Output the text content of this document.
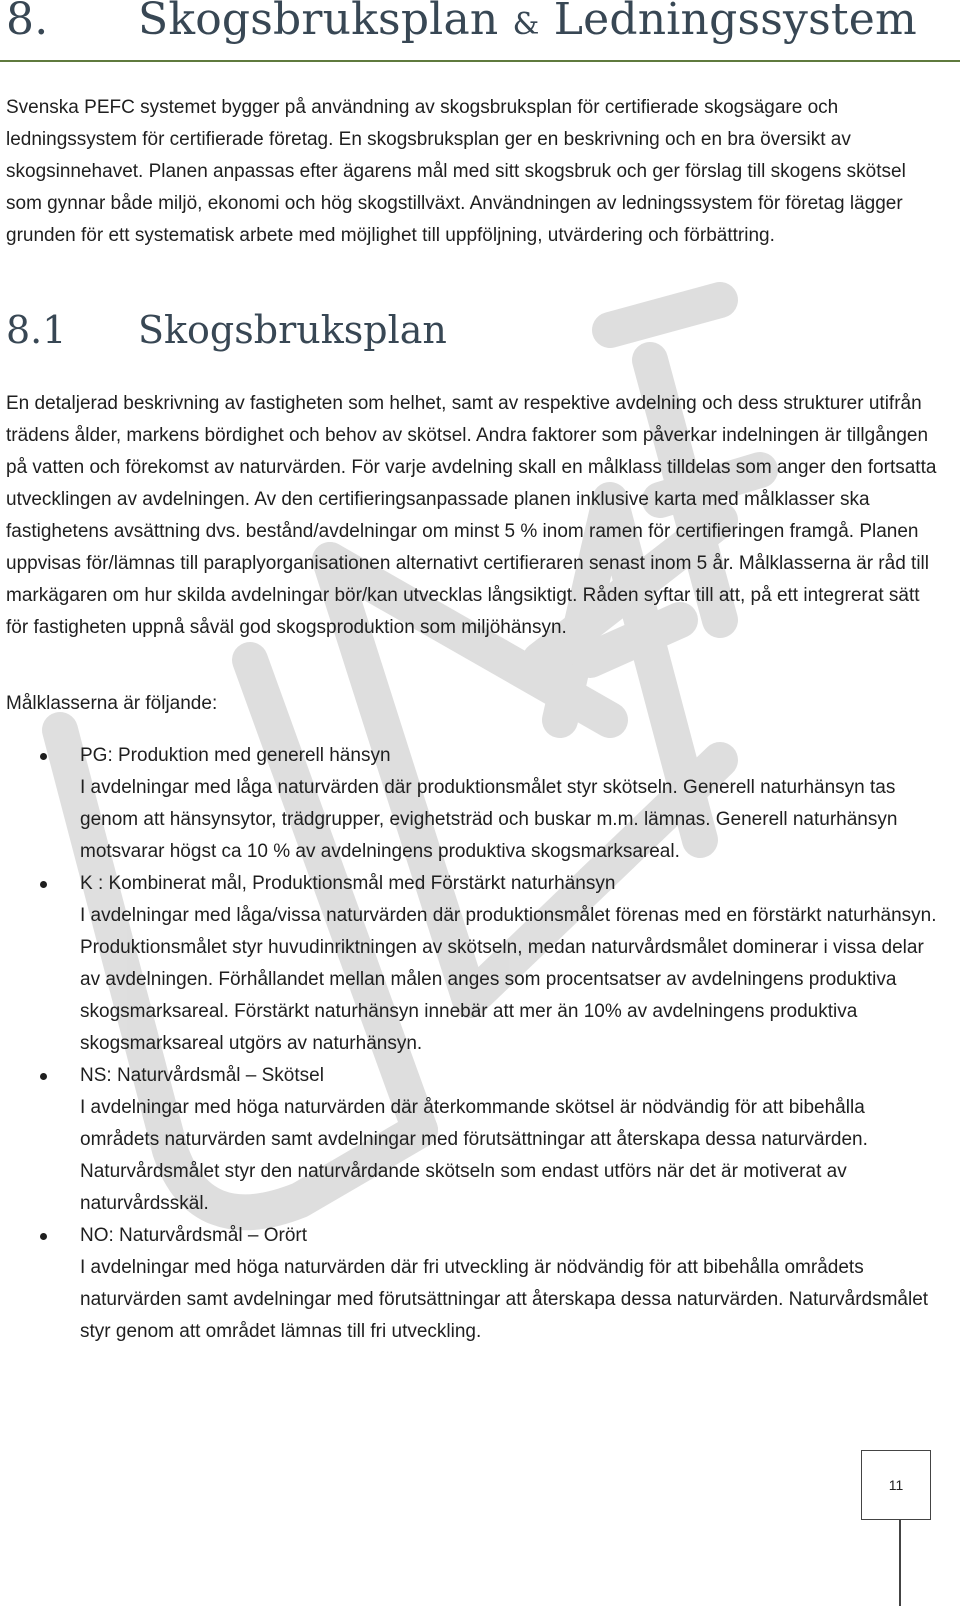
8. Skogsbruksplan & Ledningssystem

Svenska PEFC systemet bygger på användning av skogsbruksplan för certifierade skogsägare och ledningssystem för certifierade företag. En skogsbruksplan ger en beskrivning och en bra översikt av skogsinnehavet. Planen anpassas efter ägarens mål med sitt skogsbruk och ger förslag till skogens skötsel som gynnar både miljö, ekonomi och hög skogstillväxt. Användningen av ledningssystem för företag lägger grunden för ett systematisk arbete med möjlighet till uppföljning, utvärdering och förbättring.

8.1 Skogsbruksplan

En detaljerad beskrivning av fastigheten som helhet, samt av respektive avdelning och dess strukturer utifrån trädens ålder, markens bördighet och behov av skötsel. Andra faktorer som påverkar indelningen är tillgången på vatten och förekomst av naturvärden. För varje avdelning skall en målklass tilldelas som anger den fortsatta utvecklingen av avdelningen. Av den certifieringsanpassade planen inklusive karta med målklasser ska fastighetens avsättning dvs. bestånd/avdelningar om minst 5 % inom ramen för certifieringen framgå. Planen uppvisas för/lämnas till paraplyorganisationen alternativt certifieraren senast inom 5 år. Målklasserna är råd till markägaren om hur skilda avdelningar bör/kan utvecklas långsiktigt. Råden syftar till att, på ett integrerat sätt för fastigheten uppnå såväl god skogsproduktion som miljöhänsyn.

Målklasserna är följande:

PG: Produktion med generell hänsyn
I avdelningar med låga naturvärden där produktionsmålet styr skötseln. Generell naturhänsyn tas genom att hänsynsytor, trädgrupper, evighetsträd och buskar m.m. lämnas. Generell naturhänsyn motsvarar högst ca 10 % av avdelningens produktiva skogsmarksareal.
K : Kombinerat mål, Produktionsmål med Förstärkt naturhänsyn
I avdelningar med låga/vissa naturvärden där produktionsmålet förenas med en förstärkt naturhänsyn. Produktionsmålet styr huvudinriktningen av skötseln, medan naturvårdsmålet dominerar i vissa delar av avdelningen. Förhållandet mellan målen anges som procentsatser av avdelningens produktiva skogsmarksareal. Förstärkt naturhänsyn innebär att mer än 10% av avdelningens produktiva skogsmarksareal utgörs av naturhänsyn.
NS: Naturvårdsmål – Skötsel
I avdelningar med höga naturvärden där återkommande skötsel är nödvändig för att bibehålla områdets naturvärden samt avdelningar med förutsättningar att återskapa dessa naturvärden. Naturvårdsmålet styr den naturvårdande skötseln som endast utförs när det är motiverat av naturvårdsskäl.
NO: Naturvårdsmål – Orört
I avdelningar med höga naturvärden där fri utveckling är nödvändig för att bibehålla områdets naturvärden samt avdelningar med förutsättningar att återskapa dessa naturvärden. Naturvårdsmålet styr genom att området lämnas till fri utveckling.
11
